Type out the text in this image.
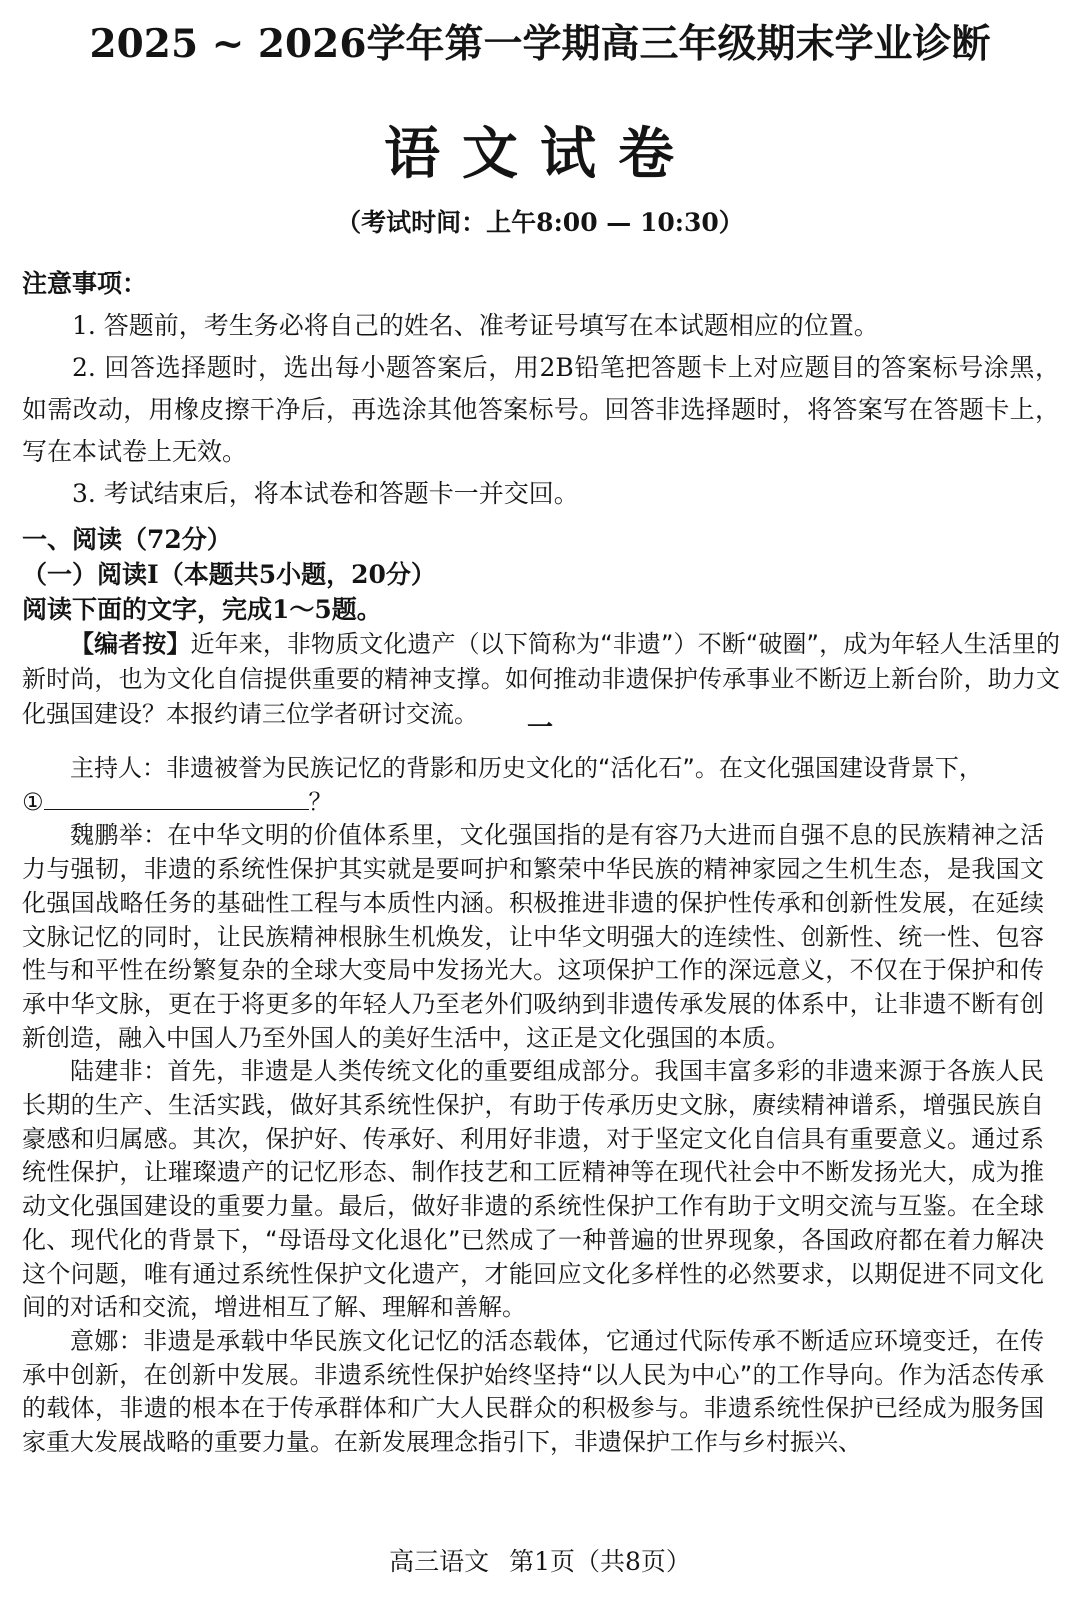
2025 ~ 2026学年第一学期高三年级期末学业诊断
语文试卷
（考试时间：上午8:00 — 10:30）
注意事项：
1. 答题前，考生务必将自己的姓名、准考证号填写在本试题相应的位置。
2. 回答选择题时，选出每小题答案后，用2B铅笔把答题卡上对应题目的答案标号涂黑，如需改动，用橡皮擦干净后，再选涂其他答案标号。回答非选择题时，将答案写在答题卡上，写在本试卷上无效。
3. 考试结束后，将本试卷和答题卡一并交回。
一、阅读（72分）
（一）阅读Ⅰ（本题共5小题，20分）
阅读下面的文字，完成1～5题。
【编者按】近年来，非物质文化遗产（以下简称为“非遗”）不断“破圈”，成为年轻人生活里的新时尚，也为文化自信提供重要的精神支撑。如何推动非遗保护传承事业不断迈上新台阶，助力文化强国建设？本报约请三位学者研讨交流。	一

主持人：非遗被誉为民族记忆的背影和历史文化的“活化石”。在文化强国建设背景下，
①	？

魏鹏举：在中华文明的价值体系里，文化强国指的是有容乃大进而自强不息的民族精神之活力与强韧，非遗的系统性保护其实就是要呵护和繁荣中华民族的精神家园之生机生态，是我国文化强国战略任务的基础性工程与本质性内涵。积极推进非遗的保护性传承和创新性发展，在延续文脉记忆的同时，让民族精神根脉生机焕发，让中华文明强大的连续性、创新性、统一性、包容性与和平性在纷繁复杂的全球大变局中发扬光大。这项保护工作的深远意义，不仅在于保护和传承中华文脉，更在于将更多的年轻人乃至老外们吸纳到非遗传承发展的体系中，让非遗不断有创新创造，融入中国人乃至外国人的美好生活中，这正是文化强国的本质。

陆建非：首先，非遗是人类传统文化的重要组成部分。我国丰富多彩的非遗来源于各族人民长期的生产、生活实践，做好其系统性保护，有助于传承历史文脉，赓续精神谱系，增强民族自豪感和归属感。其次，保护好、传承好、利用好非遗，对于坚定文化自信具有重要意义。通过系统性保护，让璀璨遗产的记忆形态、制作技艺和工匠精神等在现代社会中不断发扬光大，成为推动文化强国建设的重要力量。最后，做好非遗的系统性保护工作有助于文明交流与互鉴。在全球化、现代化的背景下，“母语母文化退化”已然成了一种普遍的世界现象，各国政府都在着力解决这个问题，唯有通过系统性保护文化遗产，才能回应文化多样性的必然要求，以期促进不同文化间的对话和交流，增进相互了解、理解和善解。

意娜：非遗是承载中华民族文化记忆的活态载体，它通过代际传承不断适应环境变迁，在传承中创新，在创新中发展。非遗系统性保护始终坚持“以人民为中心”的工作导向。作为活态传承的载体，非遗的根本在于传承群体和广大人民群众的积极参与。非遗系统性保护已经成为服务国家重大发展战略的重要力量。在新发展理念指引下，非遗保护工作与乡村振兴、

高三语文 第1页（共8页）
